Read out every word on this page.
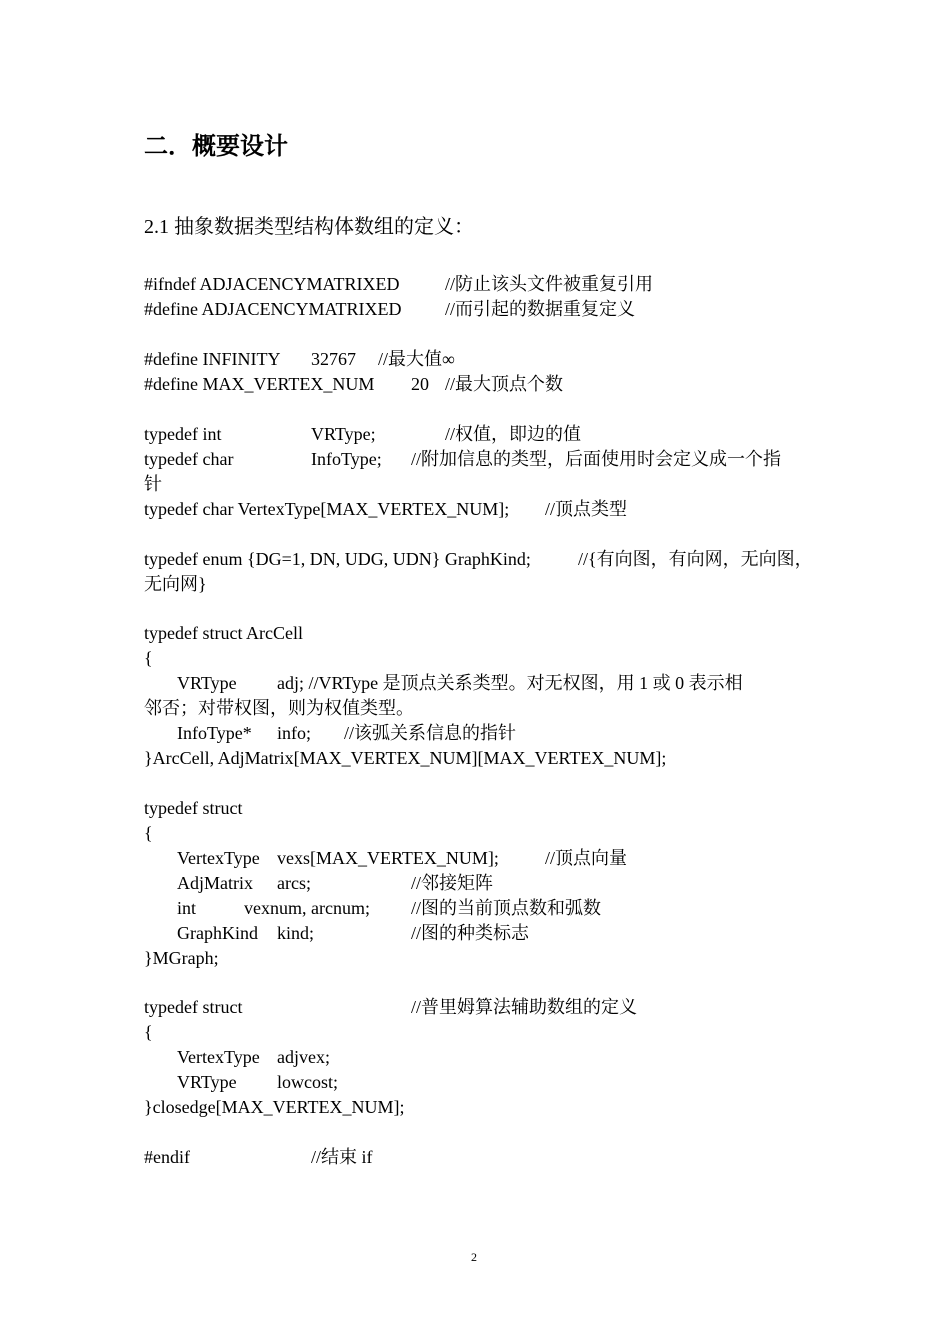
二．概要设计
2.1 抽象数据类型结构体数组的定义：
#ifndef ADJACENCYMATRIXED	//防止该头文件被重复引用
#define ADJACENCYMATRIXED //而引起的数据重复定义
#define INFINITY 32767 //最大值∞
#define MAX_VERTEX_NUM 20 //最大顶点个数
typedef int	VRType;	//权值，即边的值
typedef char	InfoType; //附加信息的类型，后面使用时会定义成一个指
针
typedef char VertexType[MAX_VERTEX_NUM]; //顶点类型
typedef enum {DG=1, DN, UDG, UDN} GraphKind;	//{有向图，有向网，无向图，
无向网}
typedef struct ArcCell
{
VRType adj; //VRType 是顶点关系类型。对无权图，用 1 或 0 表示相
邻否；对带权图，则为权值类型。
InfoType* info; //该弧关系信息的指针
}ArcCell, AdjMatrix[MAX_VERTEX_NUM][MAX_VERTEX_NUM];
typedef struct
{
VertexType vexs[MAX_VERTEX_NUM];	//顶点向量
AdjMatrix arcs;	//邻接矩阵
int	vexnum, arcnum; //图的当前顶点数和弧数
GraphKind kind;	//图的种类标志
}MGraph;
typedef struct	//普里姆算法辅助数组的定义
{
VertexType adjvex;
VRType lowcost;
}closedge[MAX_VERTEX_NUM];
#endif	//结束 if
2
